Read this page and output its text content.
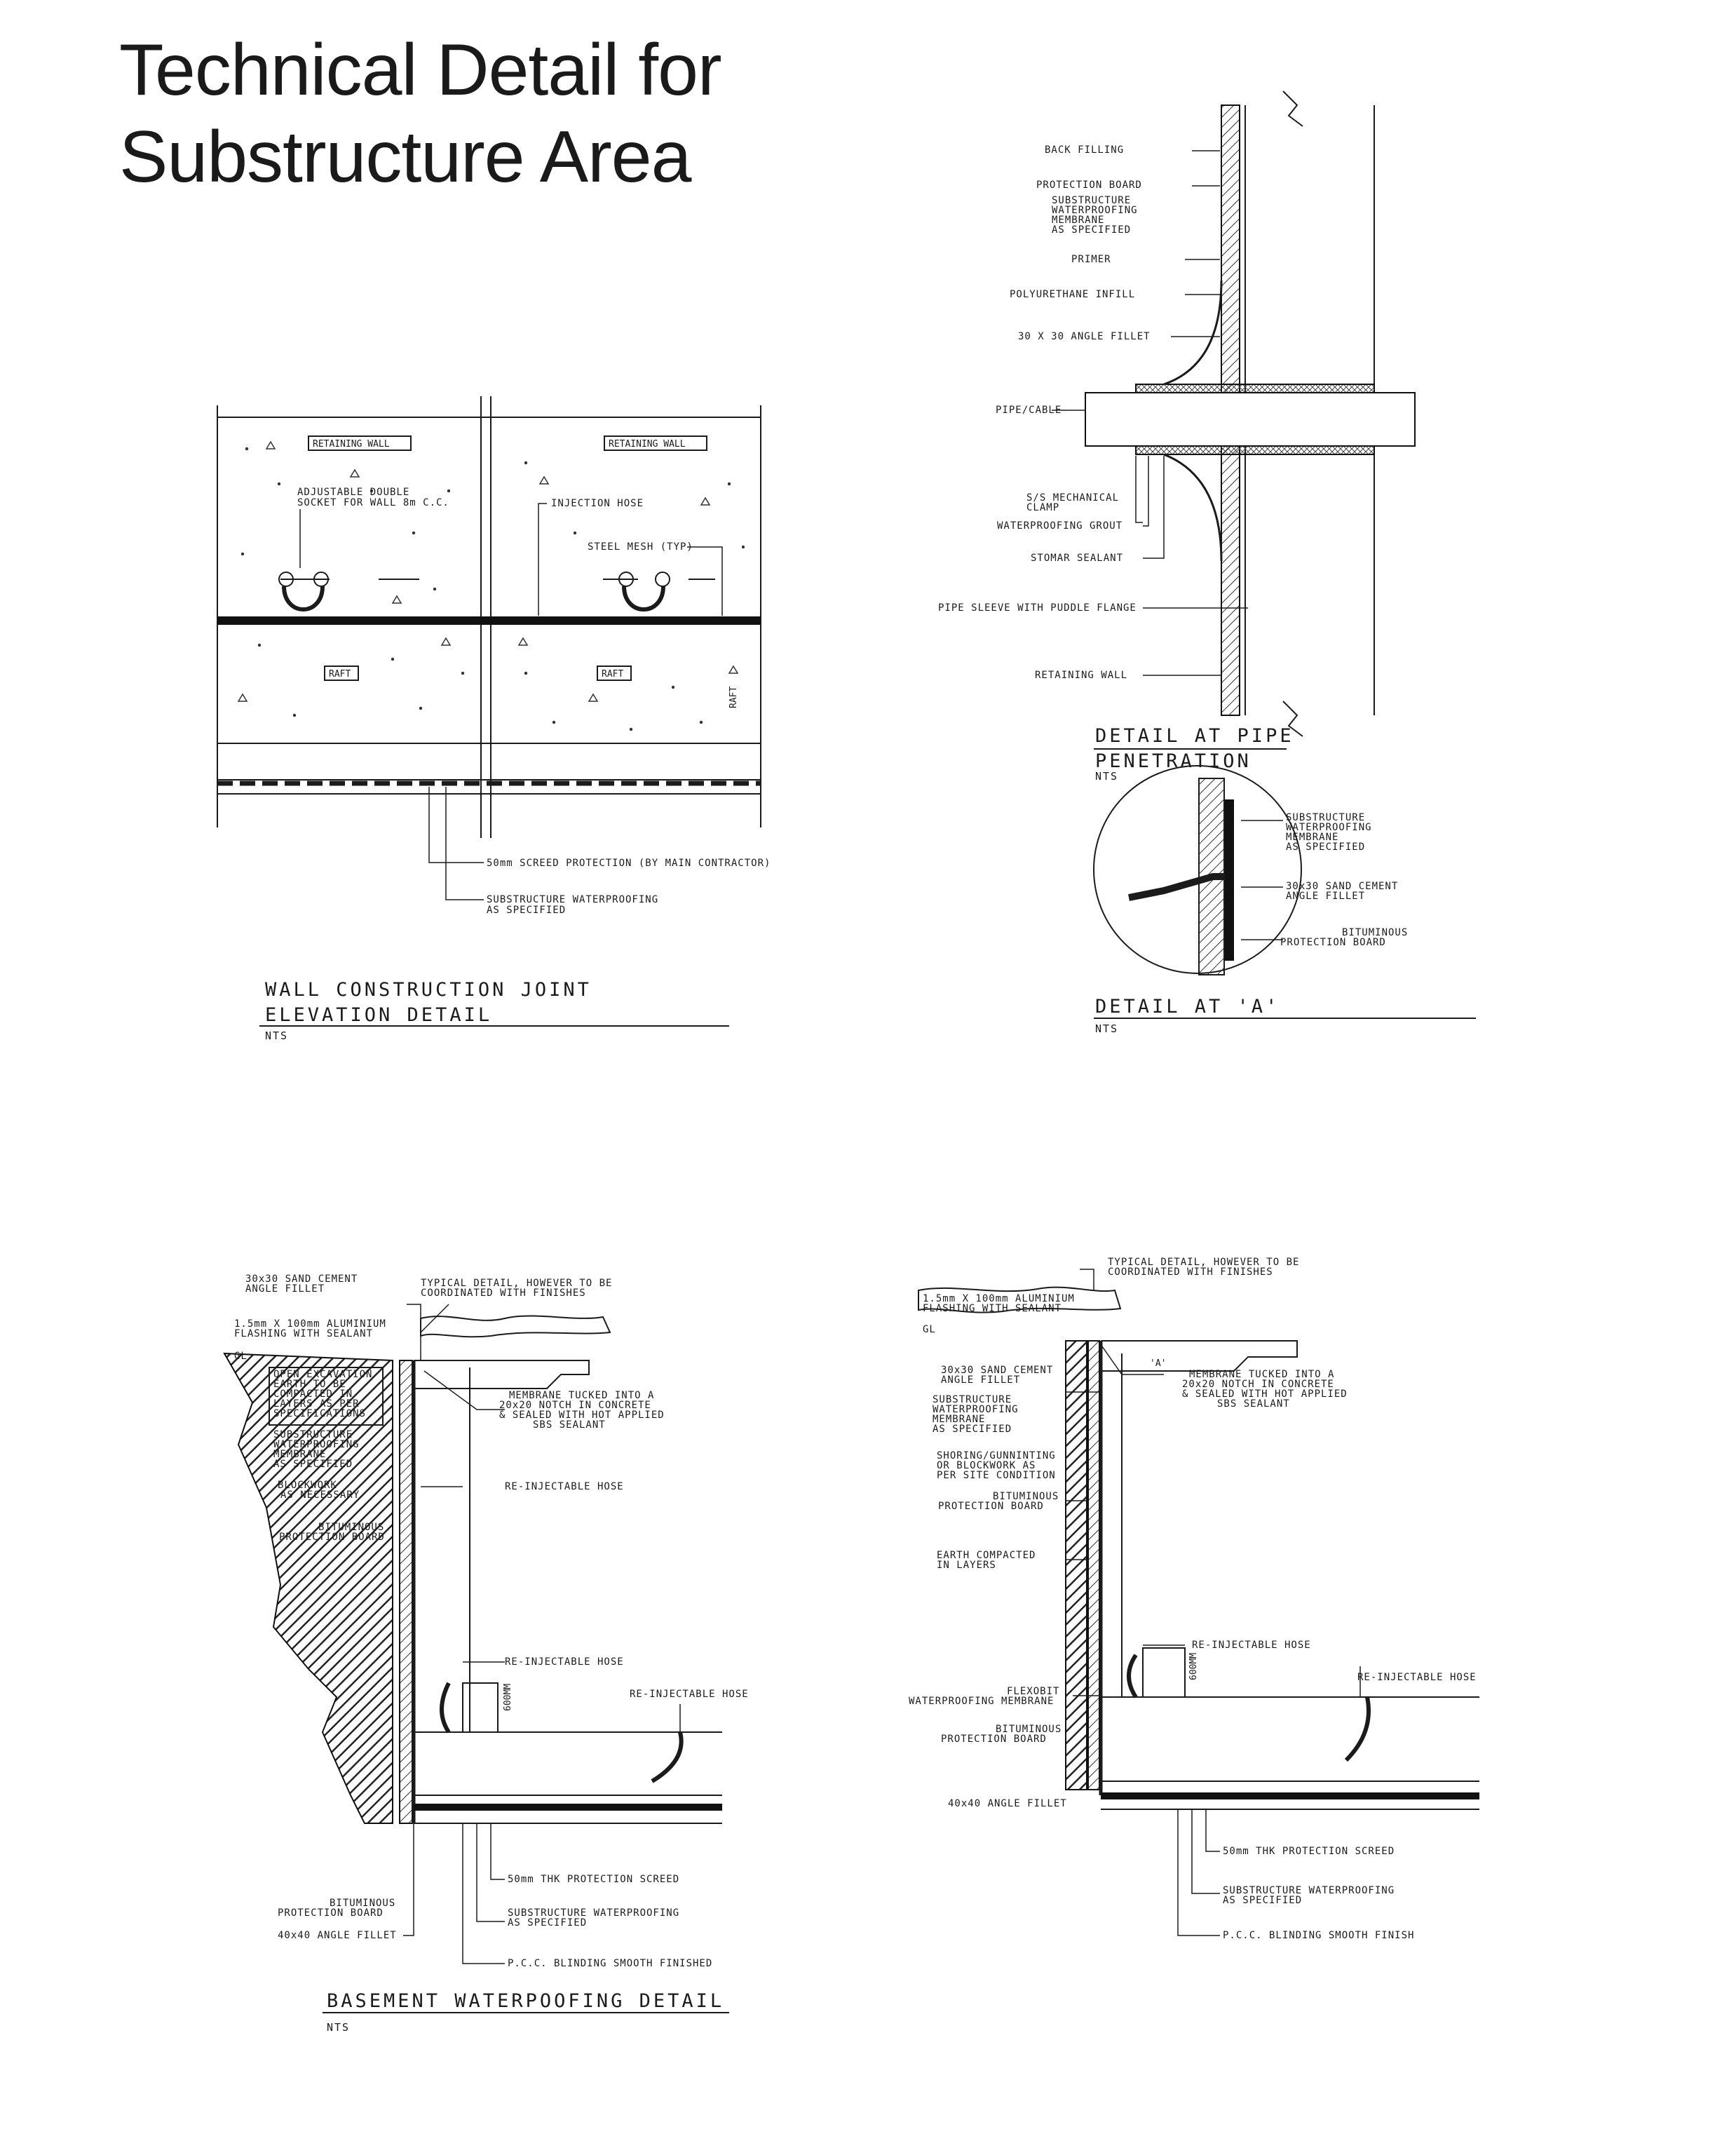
Technical Detail for
Substructure Area
RETAINING WALL	RETAINING WALL
ADJUSTABLE DOUBLE
SOCKET FOR WALL 8m C.C.	INJECTION HOSE
STEEL MESH (TYP)
RAFT	RAFT
RAFT
50mm SCREED PROTECTION (BY MAIN CONTRACTOR)
SUBSTRUCTURE WATERPROOFING
AS SPECIFIED
WALL CONSTRUCTION JOINT
ELEVATION DETAIL
NTS
BACK FILLING
PROTECTION BOARD
SUBSTRUCTURE
WATERPROOFING
MEMBRANE
AS SPECIFIED
PRIMER
POLYURETHANE INFILL
30 X 30 ANGLE FILLET
PIPE/CABLE
S/S MECHANICAL
CLAMP
WATERPROOFING GROUT
STOMAR SEALANT
PIPE SLEEVE WITH PUDDLE FLANGE
RETAINING WALL
DETAIL AT PIPE
PENETRATION
NTS
SUBSTRUCTURE
WATERPROOFING
MEMBRANE
AS SPECIFIED
30x30 SAND CEMENT
ANGLE FILLET
BITUMINOUS
PROTECTION BOARD
DETAIL AT 'A'
NTS
30x30 SAND CEMENT
ANGLE FILLET	TYPICAL DETAIL, HOWEVER TO BE
COORDINATED WITH FINISHES
1.5mm X 100mm ALUMINIUM
FLASHING WITH SEALANT
GL
OPEN EXCAVATION
EARTH TO BE
COMPACTED IN
LAYERS AS PER
SPECIFICATIONS
SUBSTRUCTURE
WATERPROOFING
MEMBRANE
AS SPECIFIED
BLOCKWORK
AS NECESSARY
BITUMINOUS
PROTECTION BOARD
MEMBRANE TUCKED INTO A
20x20 NOTCH IN CONCRETE
& SEALED WITH HOT APPLIED
SBS SEALANT
RE-INJECTABLE HOSE
RE-INJECTABLE HOSE
RE-INJECTABLE HOSE
600MM
50mm THK PROTECTION SCREED
BITUMINOUS
PROTECTION BOARD
40x40 ANGLE FILLET
SUBSTRUCTURE WATERPROOFING
AS SPECIFIED
P.C.C. BLINDING SMOOTH FINISHED
BASEMENT WATERPOOFING DETAIL
NTS
TYPICAL DETAIL, HOWEVER TO BE
COORDINATED WITH FINISHES
1.5mm X 100mm ALUMINIUM
FLASHING WITH SEALANT
GL
'A'
30x30 SAND CEMENT
ANGLE FILLET
SUBSTRUCTURE
WATERPROOFING
MEMBRANE
AS SPECIFIED
MEMBRANE TUCKED INTO A
20x20 NOTCH IN CONCRETE
& SEALED WITH HOT APPLIED
SBS SEALANT
SHORING/GUNNINTING
OR BLOCKWORK AS
PER SITE CONDITION
BITUMINOUS
PROTECTION BOARD
EARTH COMPACTED
IN LAYERS
RE-INJECTABLE HOSE
RE-INJECTABLE HOSE
FLEXOBIT
WATERPROOFING MEMBRANE
600MM
BITUMINOUS
PROTECTION BOARD
40x40 ANGLE FILLET
50mm THK PROTECTION SCREED
SUBSTRUCTURE WATERPROOFING
AS SPECIFIED
P.C.C. BLINDING SMOOTH FINISH
